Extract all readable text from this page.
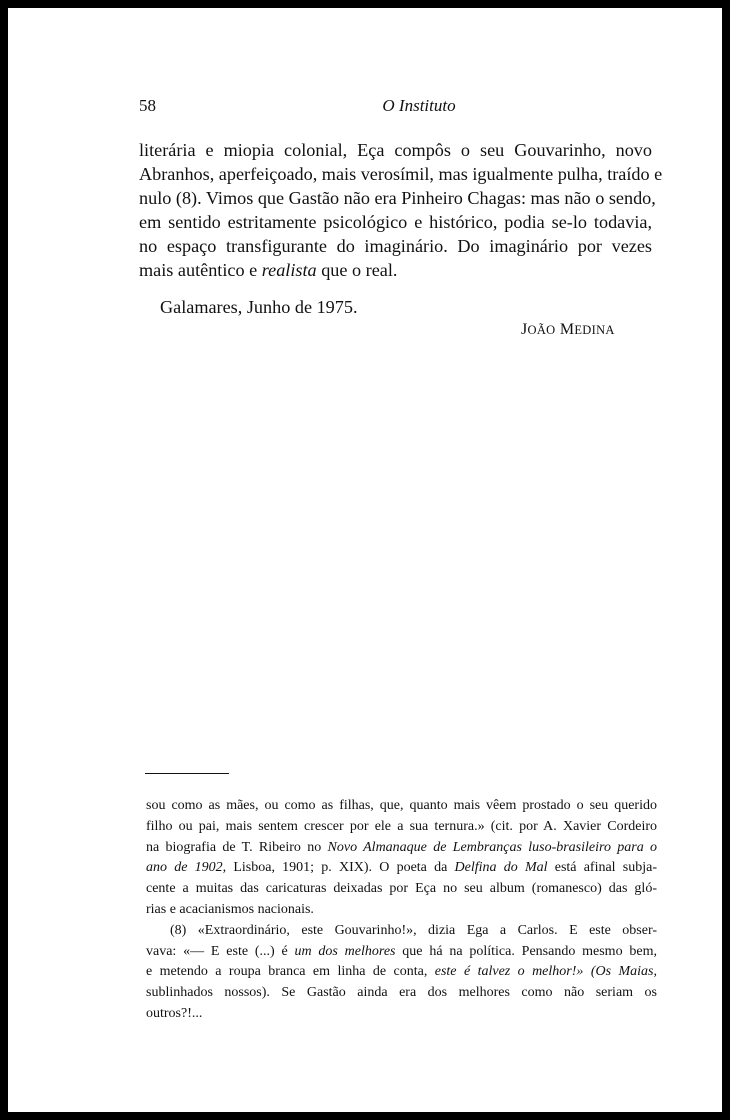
58	O Instituto
literária e miopia colonial, Eça compôs o seu Gouvarinho, novo
Abranhos, aperfeiçoado, mais verosímil, mas igualmente pulha, traído e
nulo (8). Vimos que Gastão não era Pinheiro Chagas: mas não o sendo,
em sentido estritamente psicológico e histórico, podia se-lo todavia,
no espaço transfigurante do imaginário. Do imaginário por vezes
mais autêntico e realista que o real.
Galamares, Junho de 1975.
JOÃO MEDINA
sou como as mães, ou como as filhas, que, quanto mais vêem prostado o seu querido
filho ou pai, mais sentem crescer por ele a sua ternura.» (cit. por A. Xavier Cordeiro
na biografia de T. Ribeiro no Novo Almanaque de Lembranças luso-brasileiro para o
ano de 1902, Lisboa, 1901; p. XIX). O poeta da Delfina do Mal está afinal subja-
cente a muitas das caricaturas deixadas por Eça no seu album (romanesco) das gló-
rias e acacianismos nacionais.
(8) «Extraordinário, este Gouvarinho!», dizia Ega a Carlos. E este obser-
vava: «— E este (...) é um dos melhores que há na política. Pensando mesmo bem,
e metendo a roupa branca em linha de conta, este é talvez o melhor!» (Os Maias,
sublinhados nossos). Se Gastão ainda era dos melhores como não seriam os
outros?!...
